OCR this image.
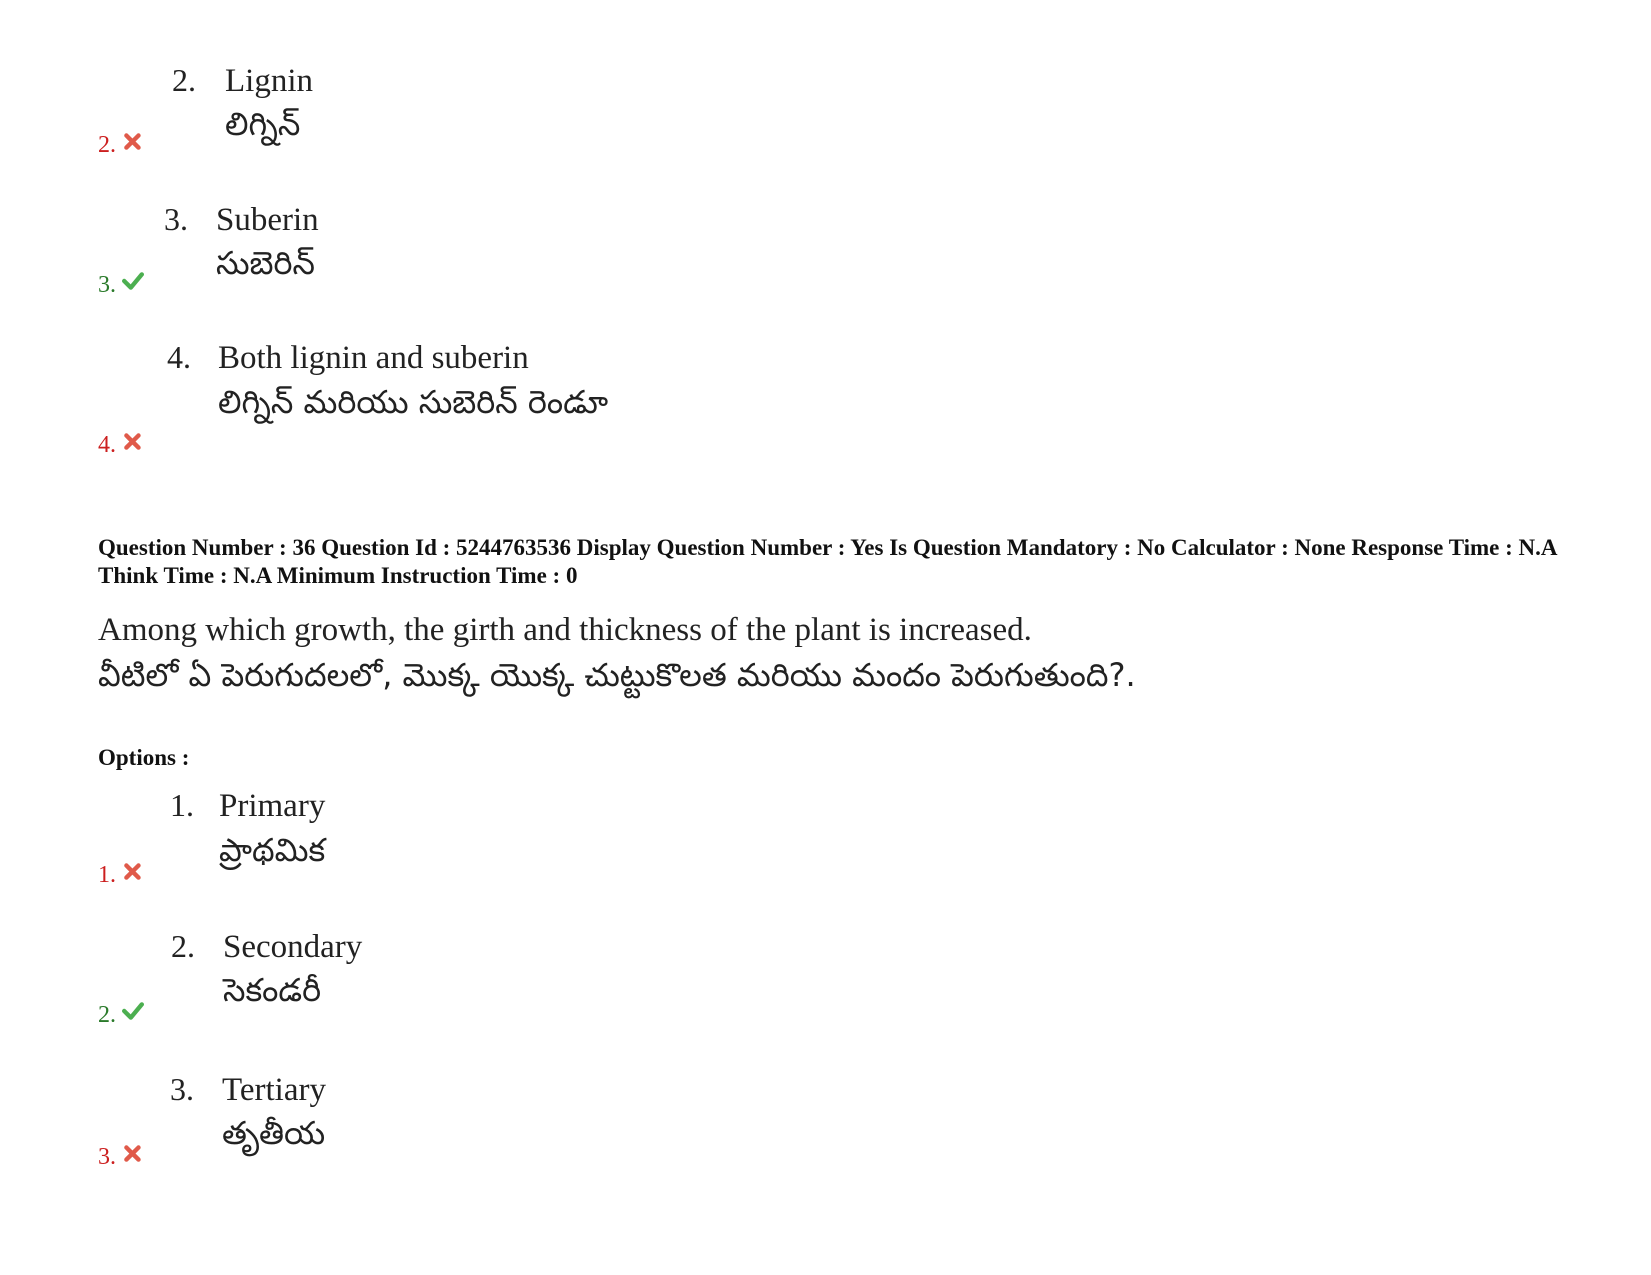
2.
2. Lignin
లిగ్నిన్
3.
3. Suberin
సుబెరిన్
4.
4. Both lignin and suberin
లిగ్నిన్ మరియు సుబెరిన్ రెండూ
Question Number : 36 Question Id : 5244763536 Display Question Number : Yes Is Question Mandatory : No Calculator : None Response Time : N.A Think Time : N.A Minimum Instruction Time : 0
Among which growth, the girth and thickness of the plant is increased.
వీటిలో ఏ పెరుగుదలలో, మొక్క యొక్క చుట్టుకొలత మరియు మందం పెరుగుతుంది?.
Options :
1.
1. Primary
ప్రాథమిక
2.
2. Secondary
సెకండరీ
3.
3. Tertiary
తృతీయ
